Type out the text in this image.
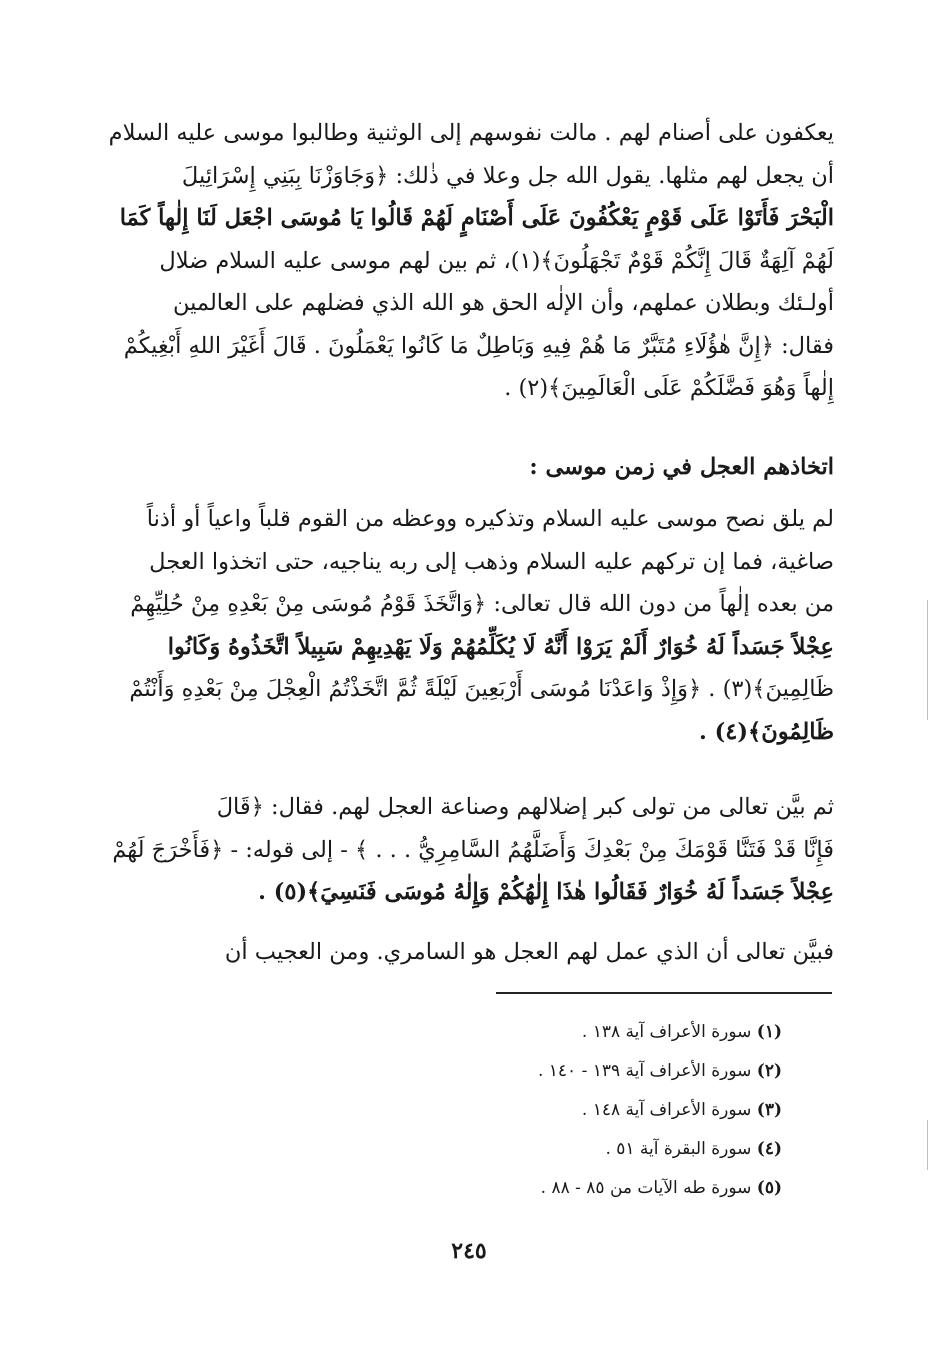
يعكفون على أصنام لهم . مالت نفوسهم إلى الوثنية وطالبوا موسى عليه السلام
أن يجعل لهم مثلها. يقول الله جل وعلا في ذٰلك: ﴿وَجَاوَزْنَا بِبَنِي إِسْرَائِيلَ
الْبَحْرَ فَأَتَوْا عَلَى قَوْمٍ يَعْكُفُونَ عَلَى أَصْنَامٍ لَهُمْ قَالُوا يَا مُوسَى اجْعَل لَنَا إِلٰهاً كَمَا
لَهُمْ آلِهَةٌ قَالَ إِنَّكُمْ قَوْمٌ تَجْهَلُونَ﴾(١)، ثم بين لهم موسى عليه السلام ضلال
أولـئك وبطلان عملهم، وأن الإلٰه الحق هو الله الذي فضلهم على العالمين
فقال: ﴿إِنَّ هٰؤُلَاءِ مُتَبَّرٌ مَا هُمْ فِيهِ وَبَاطِلٌ مَا كَانُوا يَعْمَلُونَ . قَالَ أَغَيْرَ اللهِ أَبْغِيكُمْ
إِلٰهاً وَهُوَ فَضَّلَكُمْ عَلَى الْعَالَمِينَ﴾(٢) .
اتخاذهم العجل في زمن موسى :
لم يلق نصح موسى عليه السلام وتذكيره ووعظه من القوم قلباً واعياً أو أذناً
صاغية، فما إن تركهم عليه السلام وذهب إلى ربه يناجيه، حتى اتخذوا العجل
من بعده إلٰهاً من دون الله قال تعالى: ﴿وَاتَّخَذَ قَوْمُ مُوسَى مِنْ بَعْدِهِ مِنْ حُلِيِّهِمْ
عِجْلاً جَسَداً لَهُ خُوَارٌ أَلَمْ يَرَوْا أَنَّهُ لَا يُكَلِّمُهُمْ وَلَا يَهْدِيهِمْ سَبِيلاً اتَّخَذُوهُ وَكَانُوا
ظَالِمِينَ﴾(٣) . ﴿وَإِذْ وَاعَدْنَا مُوسَى أَرْبَعِينَ لَيْلَةً ثُمَّ اتَّخَذْتُمُ الْعِجْلَ مِنْ بَعْدِهِ وَأَنْتُمْ
ظَالِمُونَ﴾(٤) .
ثم بيَّن تعالى من تولى كبر إضلالهم وصناعة العجل لهم. فقال: ﴿قَالَ
فَإِنَّا قَدْ فَتَنَّا قَوْمَكَ مِنْ بَعْدِكَ وَأَضَلَّهُمُ السَّامِرِيُّ . . . ﴾ - إلى قوله: - ﴿فَأَخْرَجَ لَهُمْ
عِجْلاً جَسَداً لَهُ خُوَارٌ فَقَالُوا هٰذَا إِلٰهُكُمْ وَإِلٰهُ مُوسَى فَنَسِيَ﴾(٥) .
فبيَّن تعالى أن الذي عمل لهم العجل هو السامري. ومن العجيب أن
(١) سورة الأعراف آية ١٣٨ .
(٢) سورة الأعراف آية ١٣٩ - ١٤٠ .
(٣) سورة الأعراف آية ١٤٨ .
(٤) سورة البقرة آية ٥١ .
(٥) سورة طه الآيات من ٨٥ - ٨٨ .
٢٤٥
